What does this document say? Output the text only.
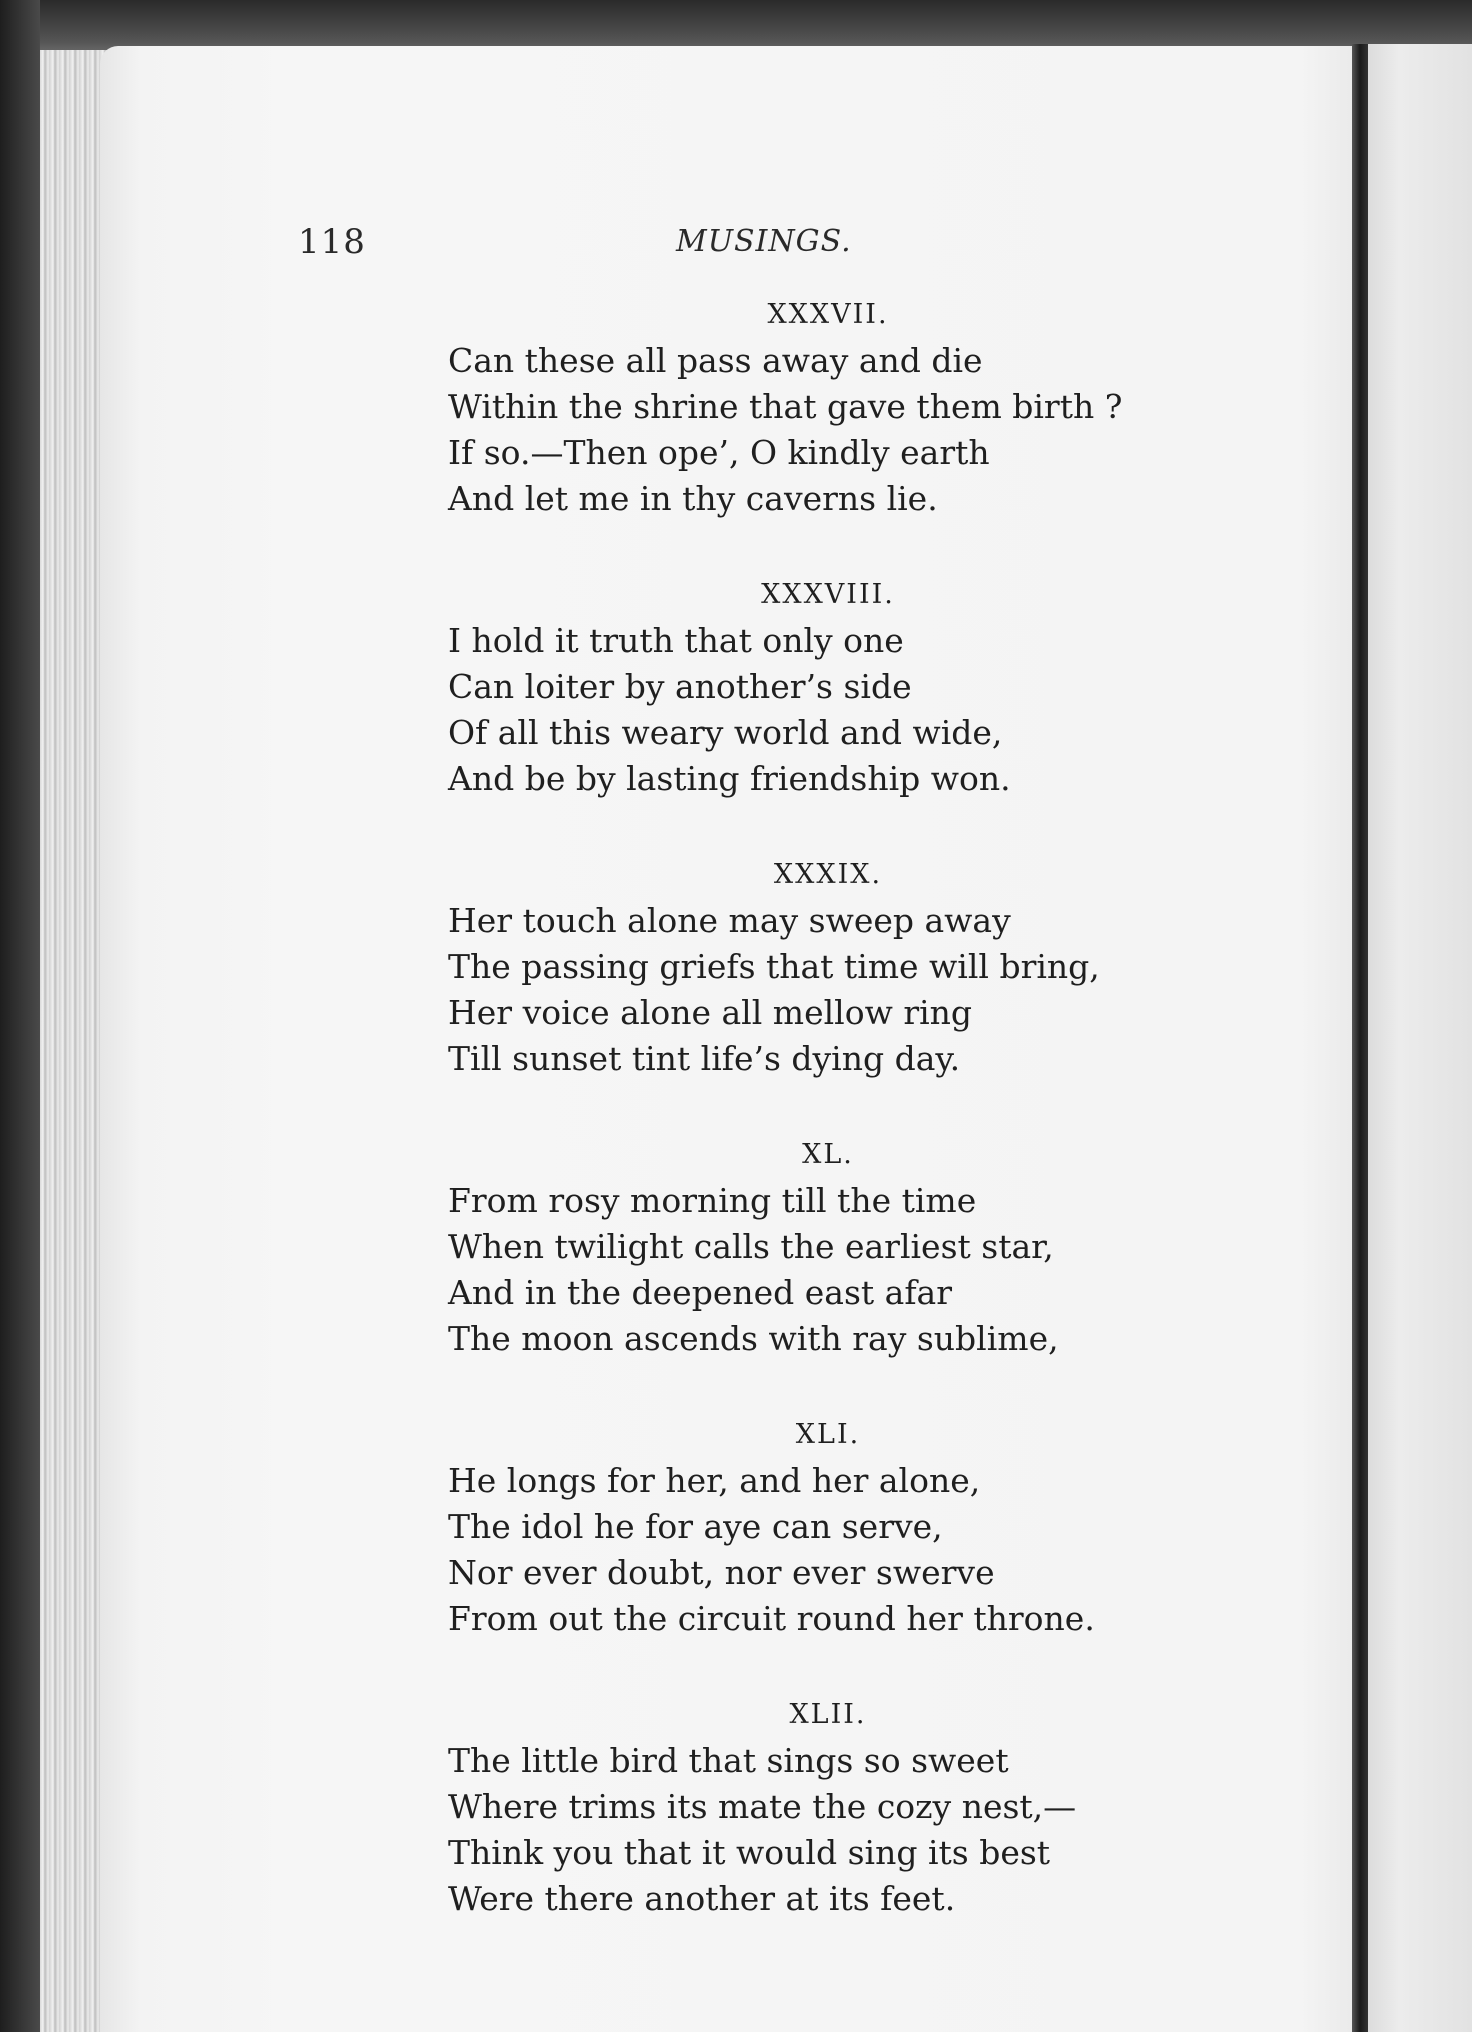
118	MUSINGS.
XXXVII.
Can these all pass away and die
Within the shrine that gave them birth ?
If so.—Then ope’, O kindly earth
And let me in thy caverns lie.
XXXVIII.
I hold it truth that only one
Can loiter by another’s side
Of all this weary world and wide,
And be by lasting friendship won.
XXXIX.
Her touch alone may sweep away
The passing griefs that time will bring,
Her voice alone all mellow ring
Till sunset tint life’s dying day.
XL.
From rosy morning till the time
When twilight calls the earliest star,
And in the deepened east afar
The moon ascends with ray sublime,
XLI.
He longs for her, and her alone,
The idol he for aye can serve,
Nor ever doubt, nor ever swerve
From out the circuit round her throne.
XLII.
The little bird that sings so sweet
Where trims its mate the cozy nest,—
Think you that it would sing its best
Were there another at its feet.
